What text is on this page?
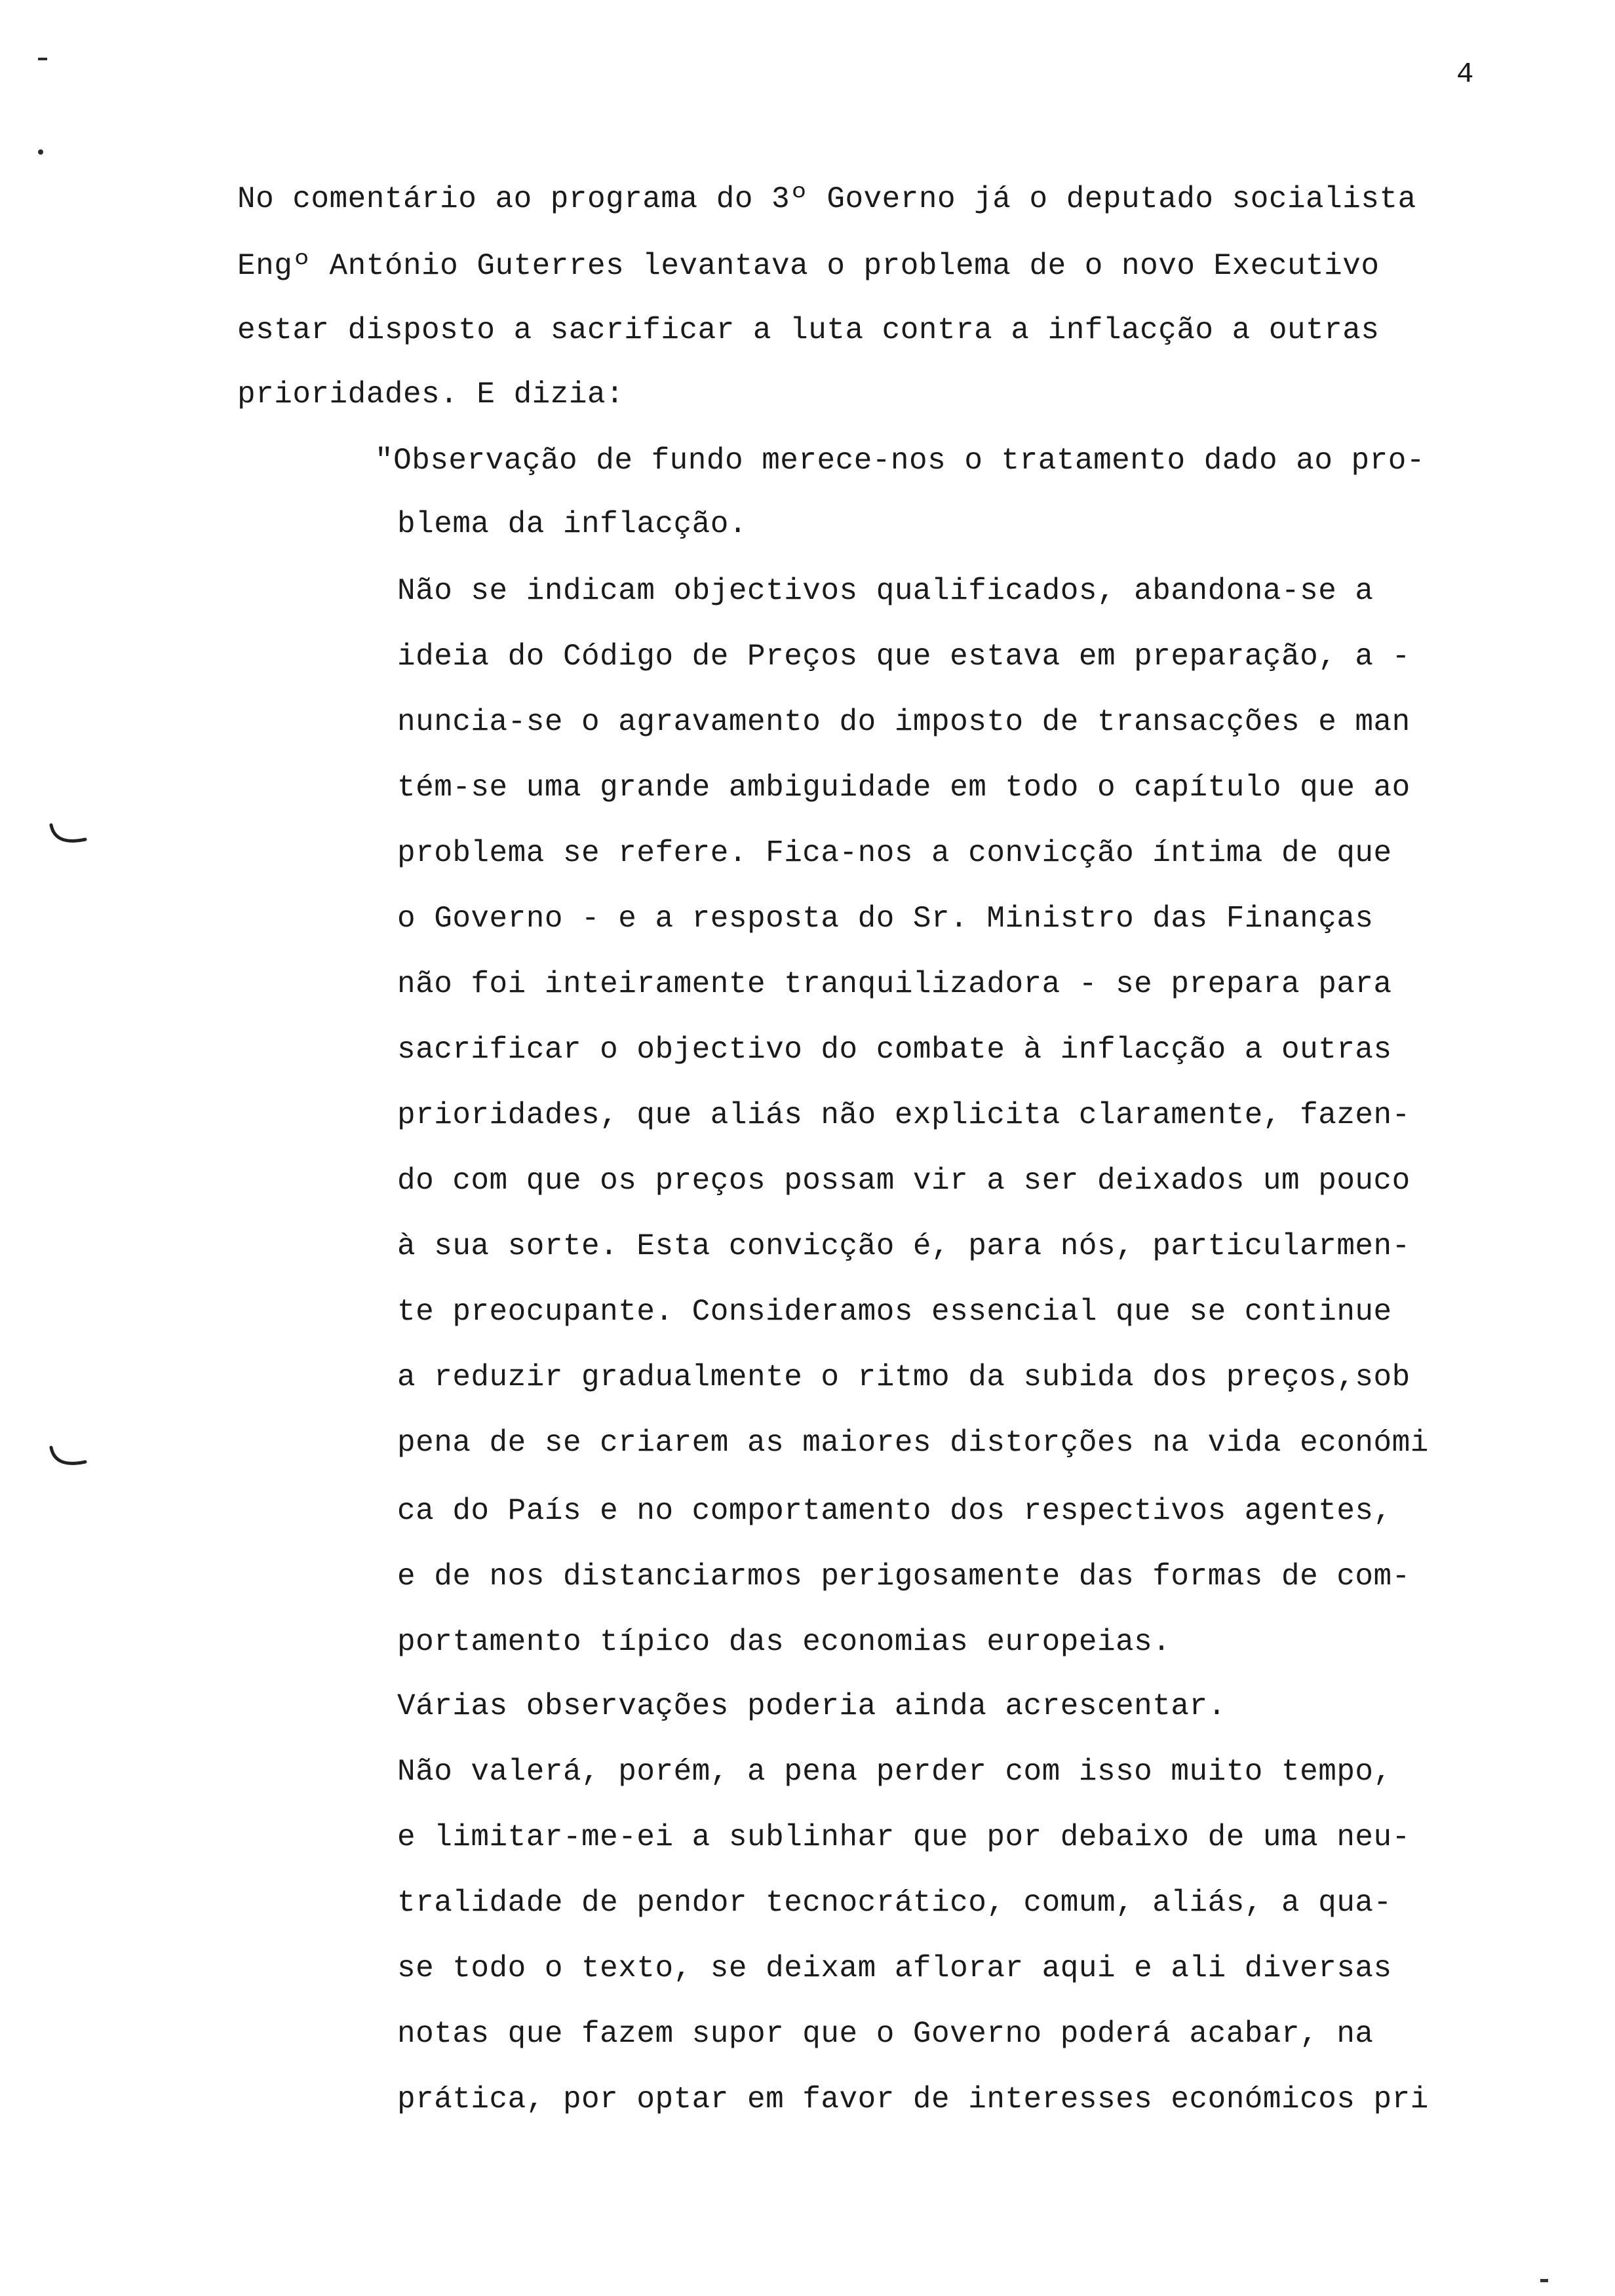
4
No comentário ao programa do 3º Governo já o deputado socialista
Engº António Guterres levantava o problema de o novo Executivo
estar disposto a sacrificar a luta contra a inflacção a outras
prioridades. E dizia:
"Observação de fundo merece-nos o tratamento dado ao pro-
blema da inflacção.
Não se indicam objectivos qualificados, abandona-se a
ideia do Código de Preços que estava em preparação, a -
nuncia-se o agravamento do imposto de transacções e man
tém-se uma grande ambiguidade em todo o capítulo que ao
problema se refere. Fica-nos a convicção íntima de que
o Governo - e a resposta do Sr. Ministro das Finanças
não foi inteiramente tranquilizadora - se prepara para
sacrificar o objectivo do combate à inflacção a outras
prioridades, que aliás não explicita claramente, fazen-
do com que os preços possam vir a ser deixados um pouco
à sua sorte. Esta convicção é, para nós, particularmen-
te preocupante. Consideramos essencial que se continue
a reduzir gradualmente o ritmo da subida dos preços,sob
pena de se criarem as maiores distorções na vida económi
ca do País e no comportamento dos respectivos agentes,
e de nos distanciarmos perigosamente das formas de com-
portamento típico das economias europeias.
Várias observações poderia ainda acrescentar.
Não valerá, porém, a pena perder com isso muito tempo,
e limitar-me-ei a sublinhar que por debaixo de uma neu-
tralidade de pendor tecnocrático, comum, aliás, a qua-
se todo o texto, se deixam aflorar aqui e ali diversas
notas que fazem supor que o Governo poderá acabar, na
prática, por optar em favor de interesses económicos pri
